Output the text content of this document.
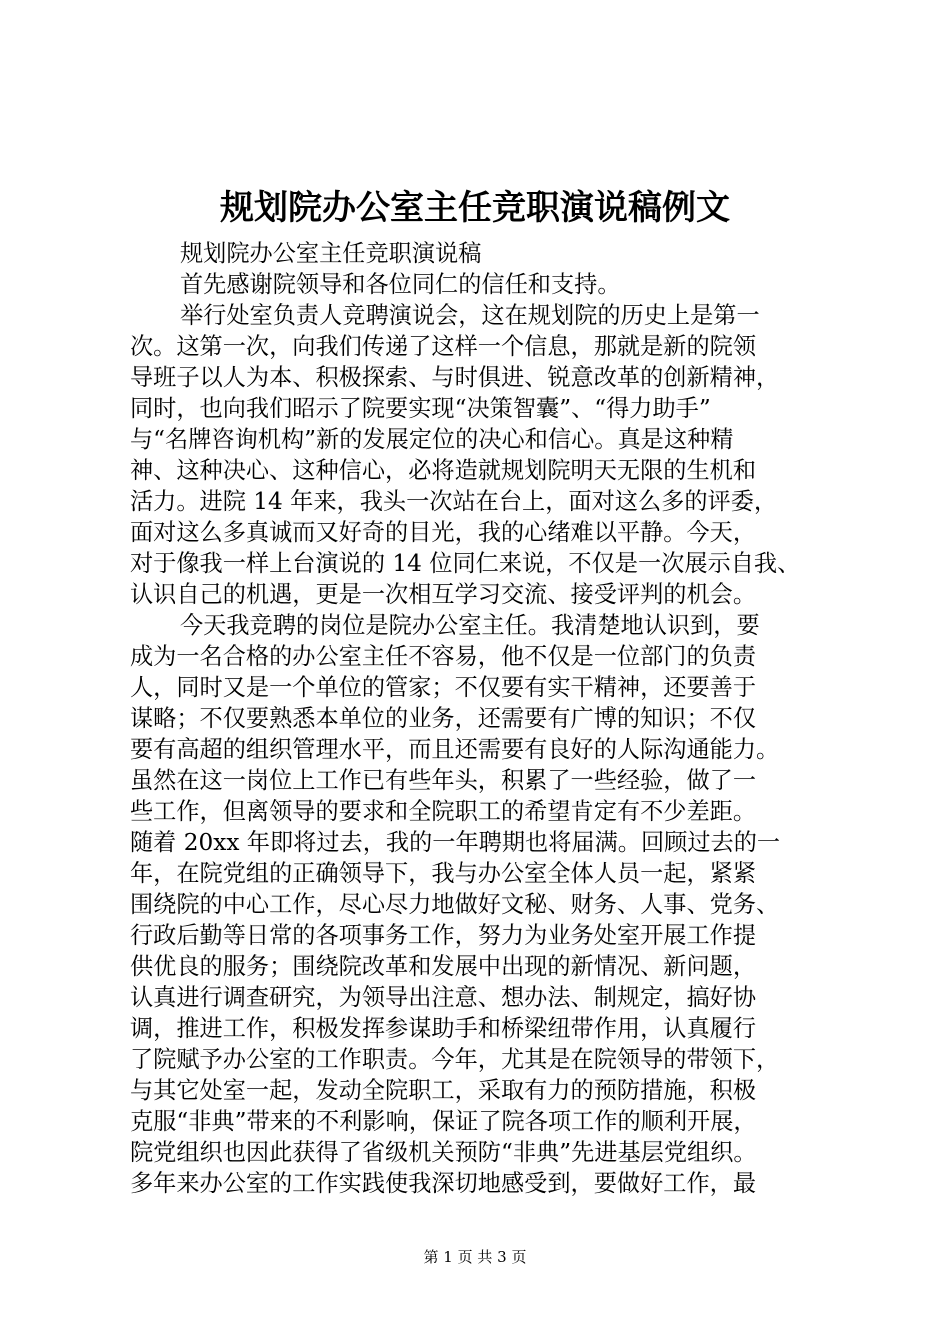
规划院办公室主任竞职演说稿例文
规划院办公室主任竞职演说稿
首先感谢院领导和各位同仁的信任和支持。
举行处室负责人竞聘演说会，这在规划院的历史上是第一
次。这第一次，向我们传递了这样一个信息，那就是新的院领
导班子以人为本、积极探索、与时俱进、锐意改革的创新精神，
同时，也向我们昭示了院要实现“决策智囊”、“得力助手”
与“名牌咨询机构”新的发展定位的决心和信心。真是这种精
神、这种决心、这种信心，必将造就规划院明天无限的生机和
活力。进院 14 年来，我头一次站在台上，面对这么多的评委，
面对这么多真诚而又好奇的目光，我的心绪难以平静。今天，
对于像我一样上台演说的 14 位同仁来说，不仅是一次展示自我、
认识自己的机遇，更是一次相互学习交流、接受评判的机会。
今天我竞聘的岗位是院办公室主任。我清楚地认识到，要
成为一名合格的办公室主任不容易，他不仅是一位部门的负责
人，同时又是一个单位的管家；不仅要有实干精神，还要善于
谋略；不仅要熟悉本单位的业务，还需要有广博的知识；不仅
要有高超的组织管理水平，而且还需要有良好的人际沟通能力。
虽然在这一岗位上工作已有些年头，积累了一些经验，做了一
些工作，但离领导的要求和全院职工的希望肯定有不少差距。
随着 20xx 年即将过去，我的一年聘期也将届满。回顾过去的一
年，在院党组的正确领导下，我与办公室全体人员一起，紧紧
围绕院的中心工作，尽心尽力地做好文秘、财务、人事、党务、
行政后勤等日常的各项事务工作，努力为业务处室开展工作提
供优良的服务；围绕院改革和发展中出现的新情况、新问题，
认真进行调查研究，为领导出注意、想办法、制规定，搞好协
调，推进工作，积极发挥参谋助手和桥梁纽带作用，认真履行
了院赋予办公室的工作职责。今年，尤其是在院领导的带领下，
与其它处室一起，发动全院职工，采取有力的预防措施，积极
克服“非典”带来的不利影响，保证了院各项工作的顺利开展，
院党组织也因此获得了省级机关预防“非典”先进基层党组织。
多年来办公室的工作实践使我深切地感受到，要做好工作，最
第 1 页 共 3 页
